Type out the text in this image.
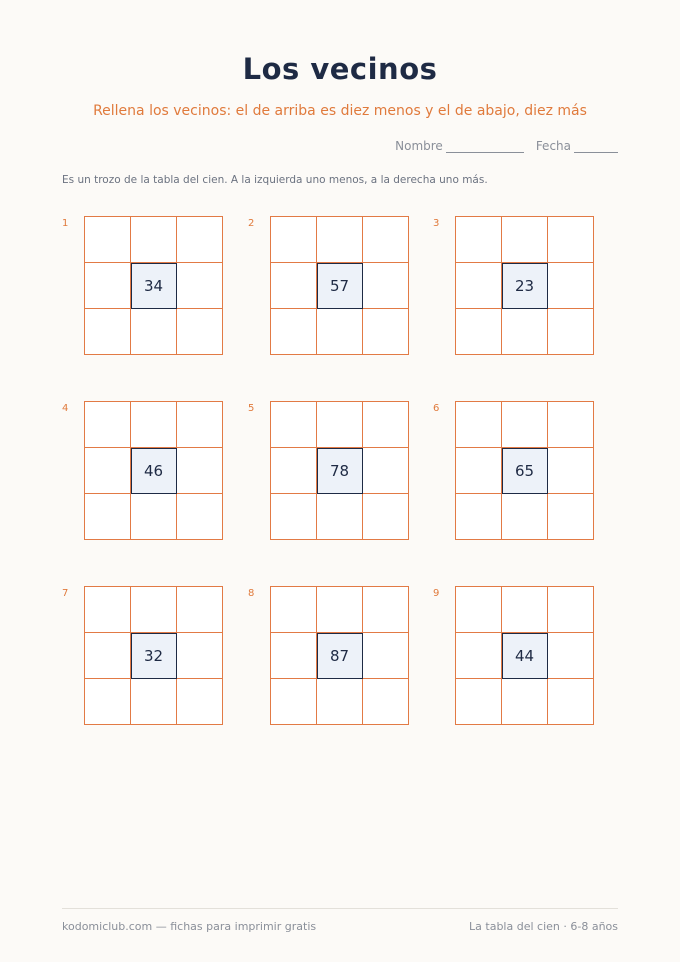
Los vecinos
Rellena los vecinos: el de arriba es diez menos y el de abajo, diez más
Nombre	Fecha
Es un trozo de la tabla del cien. A la izquierda uno menos, a la derecha uno más.
1
34
2
57
3
23
4
46
5
78
6
65
7
32
8
87
9
44
kodomiclub.com — fichas para imprimir gratis	La tabla del cien · 6-8 años
